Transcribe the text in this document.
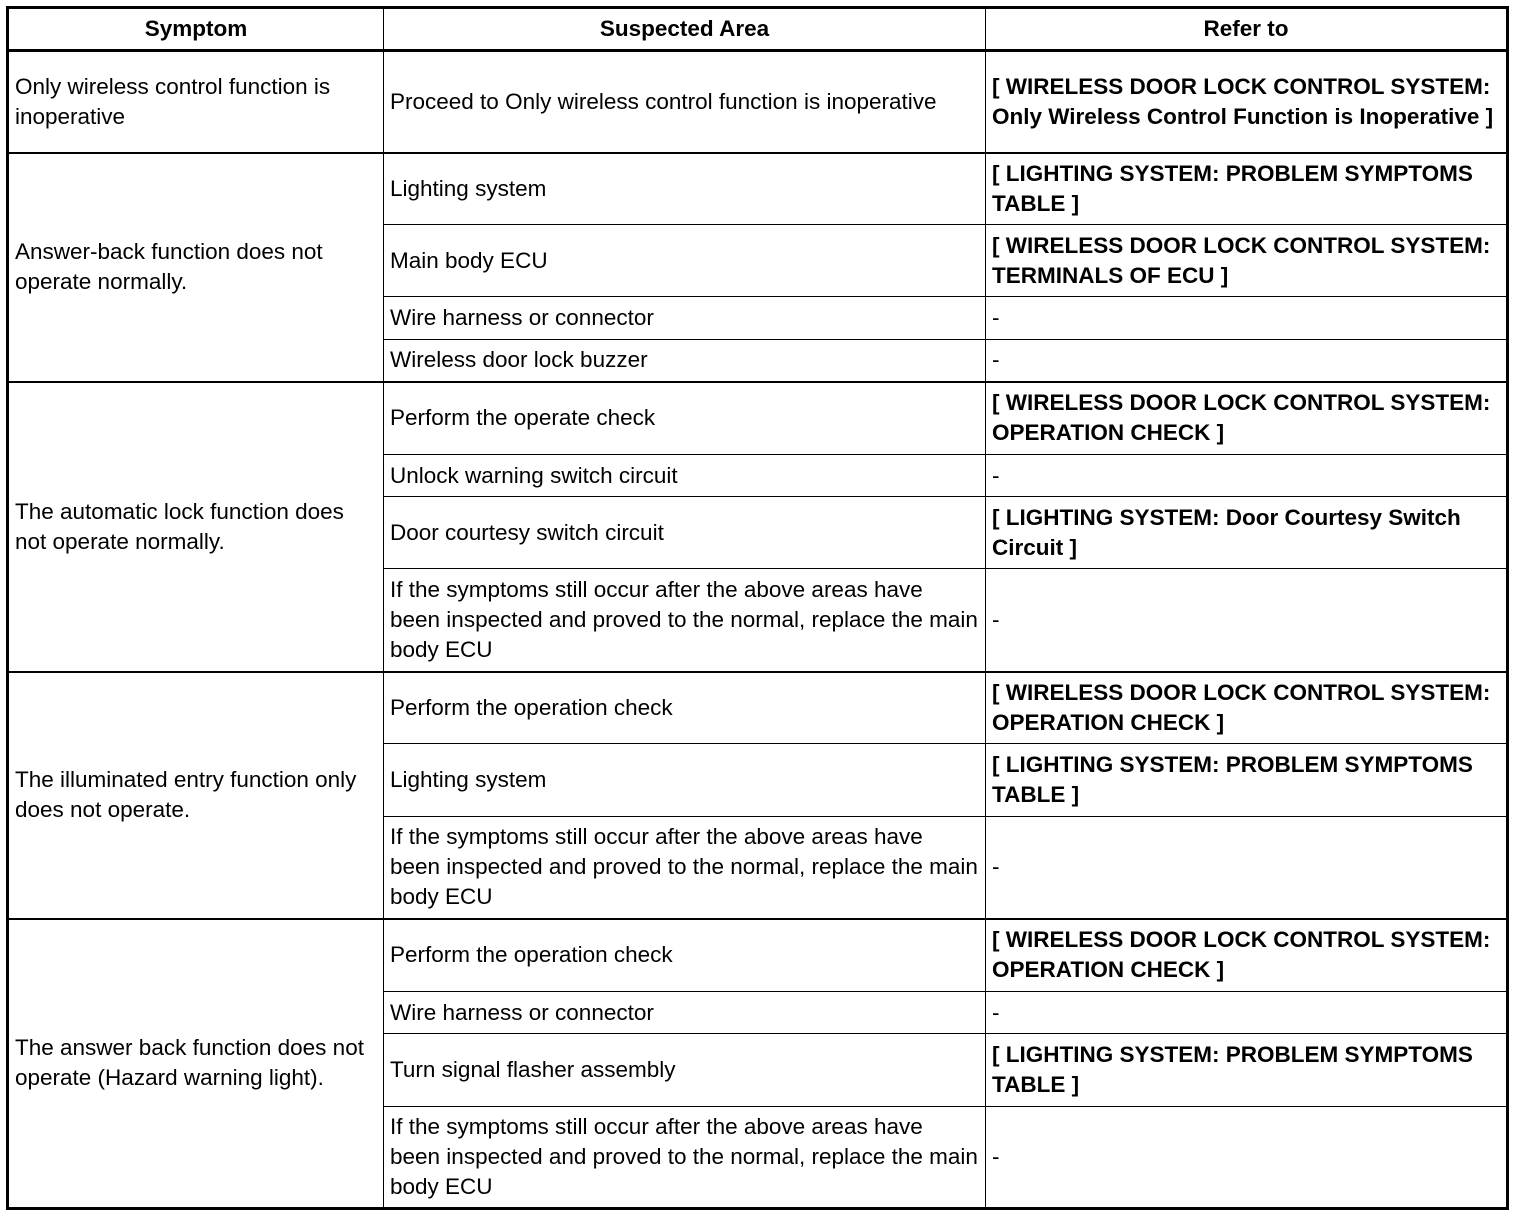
Symptom	Suspected Area	Refer to
Only wireless control function is inoperative	Proceed to Only wireless control function is inoperative	[ WIRELESS DOOR LOCK CONTROL SYSTEM: Only Wireless Control Function is Inoperative ]
Answer-back function does not operate normally.	Lighting system	[ LIGHTING SYSTEM: PROBLEM SYMPTOMS TABLE ]
	Main body ECU	[ WIRELESS DOOR LOCK CONTROL SYSTEM: TERMINALS OF ECU ]
	Wire harness or connector	-
	Wireless door lock buzzer	-
The automatic lock function does not operate normally.	Perform the operate check	[ WIRELESS DOOR LOCK CONTROL SYSTEM: OPERATION CHECK ]
	Unlock warning switch circuit	-
	Door courtesy switch circuit	[ LIGHTING SYSTEM: Door Courtesy Switch Circuit ]
	If the symptoms still occur after the above areas have been inspected and proved to the normal, replace the main body ECU	-
The illuminated entry function only does not operate.	Perform the operation check	[ WIRELESS DOOR LOCK CONTROL SYSTEM: OPERATION CHECK ]
	Lighting system	[ LIGHTING SYSTEM: PROBLEM SYMPTOMS TABLE ]
	If the symptoms still occur after the above areas have been inspected and proved to the normal, replace the main body ECU	-
The answer back function does not operate (Hazard warning light).	Perform the operation check	[ WIRELESS DOOR LOCK CONTROL SYSTEM: OPERATION CHECK ]
	Wire harness or connector	-
	Turn signal flasher assembly	[ LIGHTING SYSTEM: PROBLEM SYMPTOMS TABLE ]
	If the symptoms still occur after the above areas have been inspected and proved to the normal, replace the main body ECU	-
